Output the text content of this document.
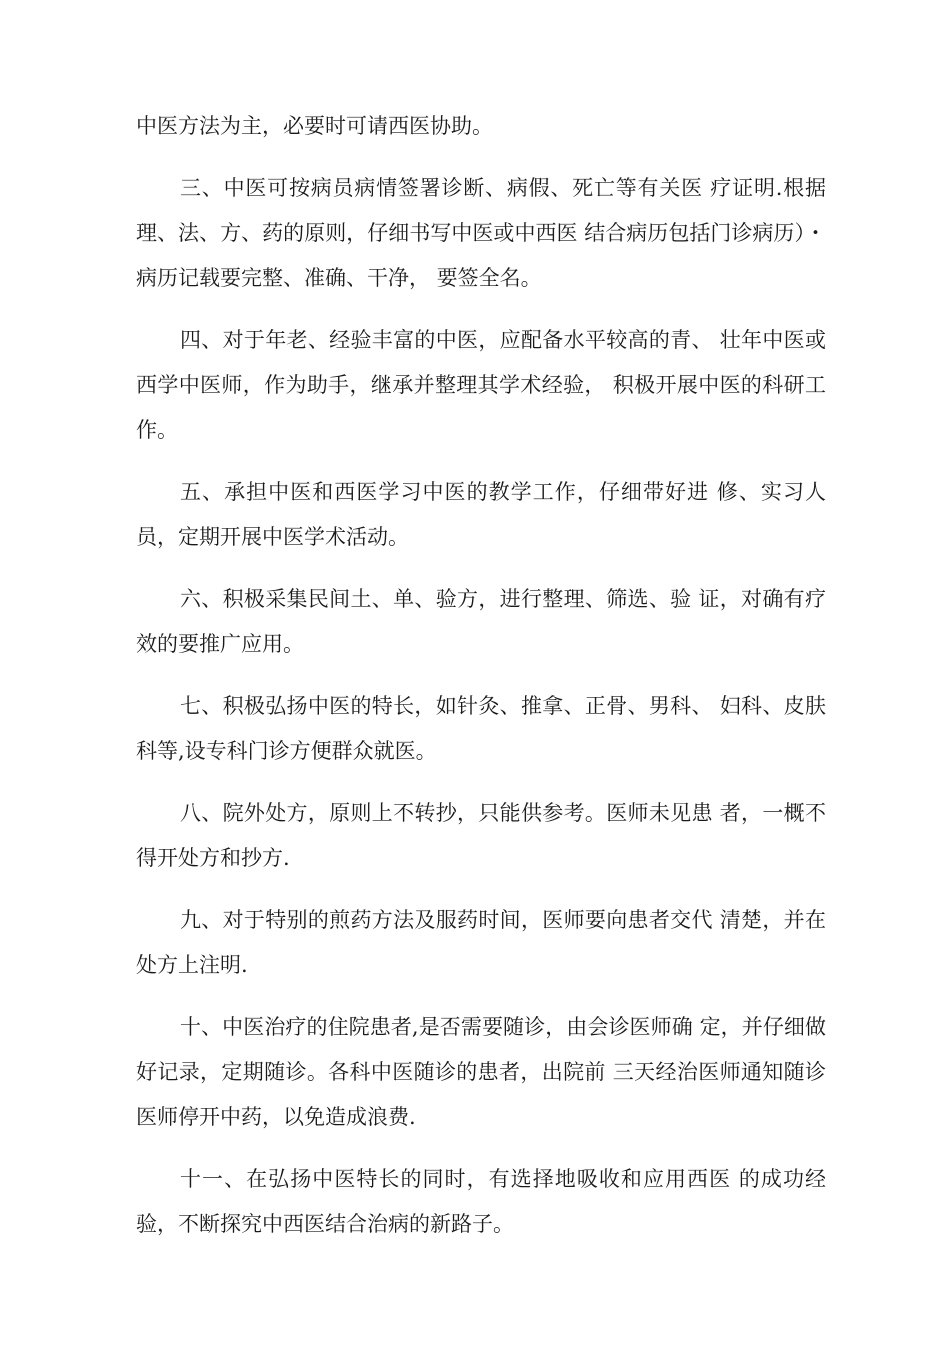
中医方法为主，必要时可请西医协助。

三、中医可按病员病情签署诊断、病假、死亡等有关医 疗证明.根据理、法、方、药的原则，仔细书写中医或中西医 结合病历包括门诊病历）・病历记载要完整、准确、干净， 要签全名。

四、对于年老、经验丰富的中医，应配备水平较高的青、 壮年中医或西学中医师，作为助手，继承并整理其学术经验， 积极开展中医的科研工作。

五、承担中医和西医学习中医的教学工作，仔细带好进 修、实习人员，定期开展中医学术活动。

六、积极采集民间土、单、验方，进行整理、筛选、验 证，对确有疗效的要推广应用。

七、积极弘扬中医的特长，如针灸、推拿、正骨、男科、 妇科、皮肤科等,设专科门诊方便群众就医。

八、院外处方，原则上不转抄，只能供参考。医师未见患 者，一概不得开处方和抄方.

九、对于特别的煎药方法及服药时间，医师要向患者交代 清楚，并在处方上注明.

十、中医治疗的住院患者,是否需要随诊，由会诊医师确 定，并仔细做好记录，定期随诊。各科中医随诊的患者，出院前 三天经治医师通知随诊医师停开中药，以免造成浪费.

十一、在弘扬中医特长的同时，有选择地吸收和应用西医 的成功经验，不断探究中西医结合治病的新路子。
